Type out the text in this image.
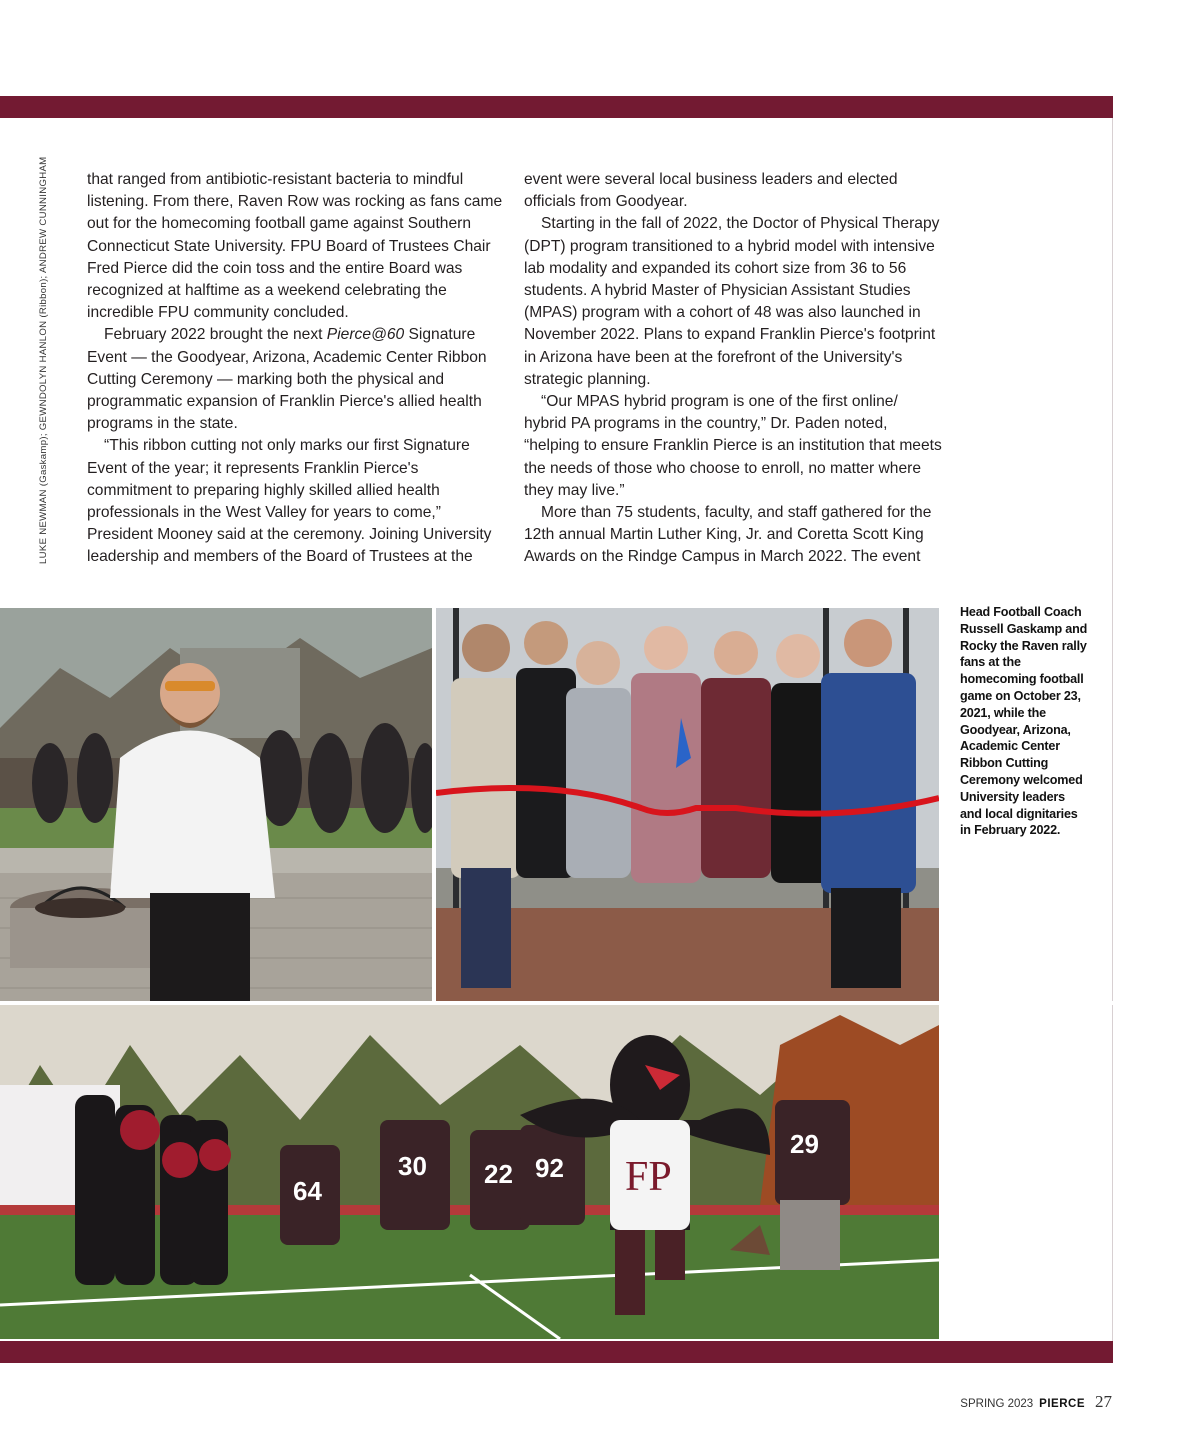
LUKE NEWMAN (Gaskamp); GEWNDOLYN HANLON (Ribbon); ANDREW CUNNINGHAM that ranged from antibiotic-resistant bacteria to mindful listening. From there, Raven Row was rocking as fans came out for the homecoming football game against Southern Connecticut State University. FPU Board of Trustees Chair Fred Pierce did the coin toss and the entire Board was recognized at halftime as a weekend celebrating the incredible FPU community concluded.

February 2022 brought the next Pierce@60 Signature Event — the Goodyear, Arizona, Academic Center Ribbon Cutting Ceremony — marking both the physical and programmatic expansion of Franklin Pierce's allied health programs in the state.

“This ribbon cutting not only marks our first Signature Event of the year; it represents Franklin Pierce's commitment to preparing highly skilled allied health professionals in the West Valley for years to come,” President Mooney said at the ceremony. Joining University leadership and members of the Board of Trustees at the

event were several local business leaders and elected officials from Goodyear.

Starting in the fall of 2022, the Doctor of Physical Therapy (DPT) program transitioned to a hybrid model with intensive lab modality and expanded its cohort size from 36 to 56 students. A hybrid Master of Physician Assistant Studies (MPAS) program with a cohort of 48 was also launched in November 2022. Plans to expand Franklin Pierce's footprint in Arizona have been at the forefront of the University's strategic planning.

“Our MPAS hybrid program is one of the first online/ hybrid PA programs in the country,” Dr. Paden noted, “helping to ensure Franklin Pierce is an institution that meets the needs of those who choose to enroll, no matter where they may live.”

More than 75 students, faculty, and staff gathered for the 12th annual Martin Luther King, Jr. and Coretta Scott King Awards on the Rindge Campus in March 2022. The event

Head Football Coach Russell Gaskamp and Rocky the Raven rally fans at the homecoming football game on October 23, 2021, while the Goodyear, Arizona, Academic Center Ribbon Cutting Ceremony welcomed University leaders and local dignitaries in February 2022.
64
30 22 92
29
FP
SPRING 2023 PIERCE 27
